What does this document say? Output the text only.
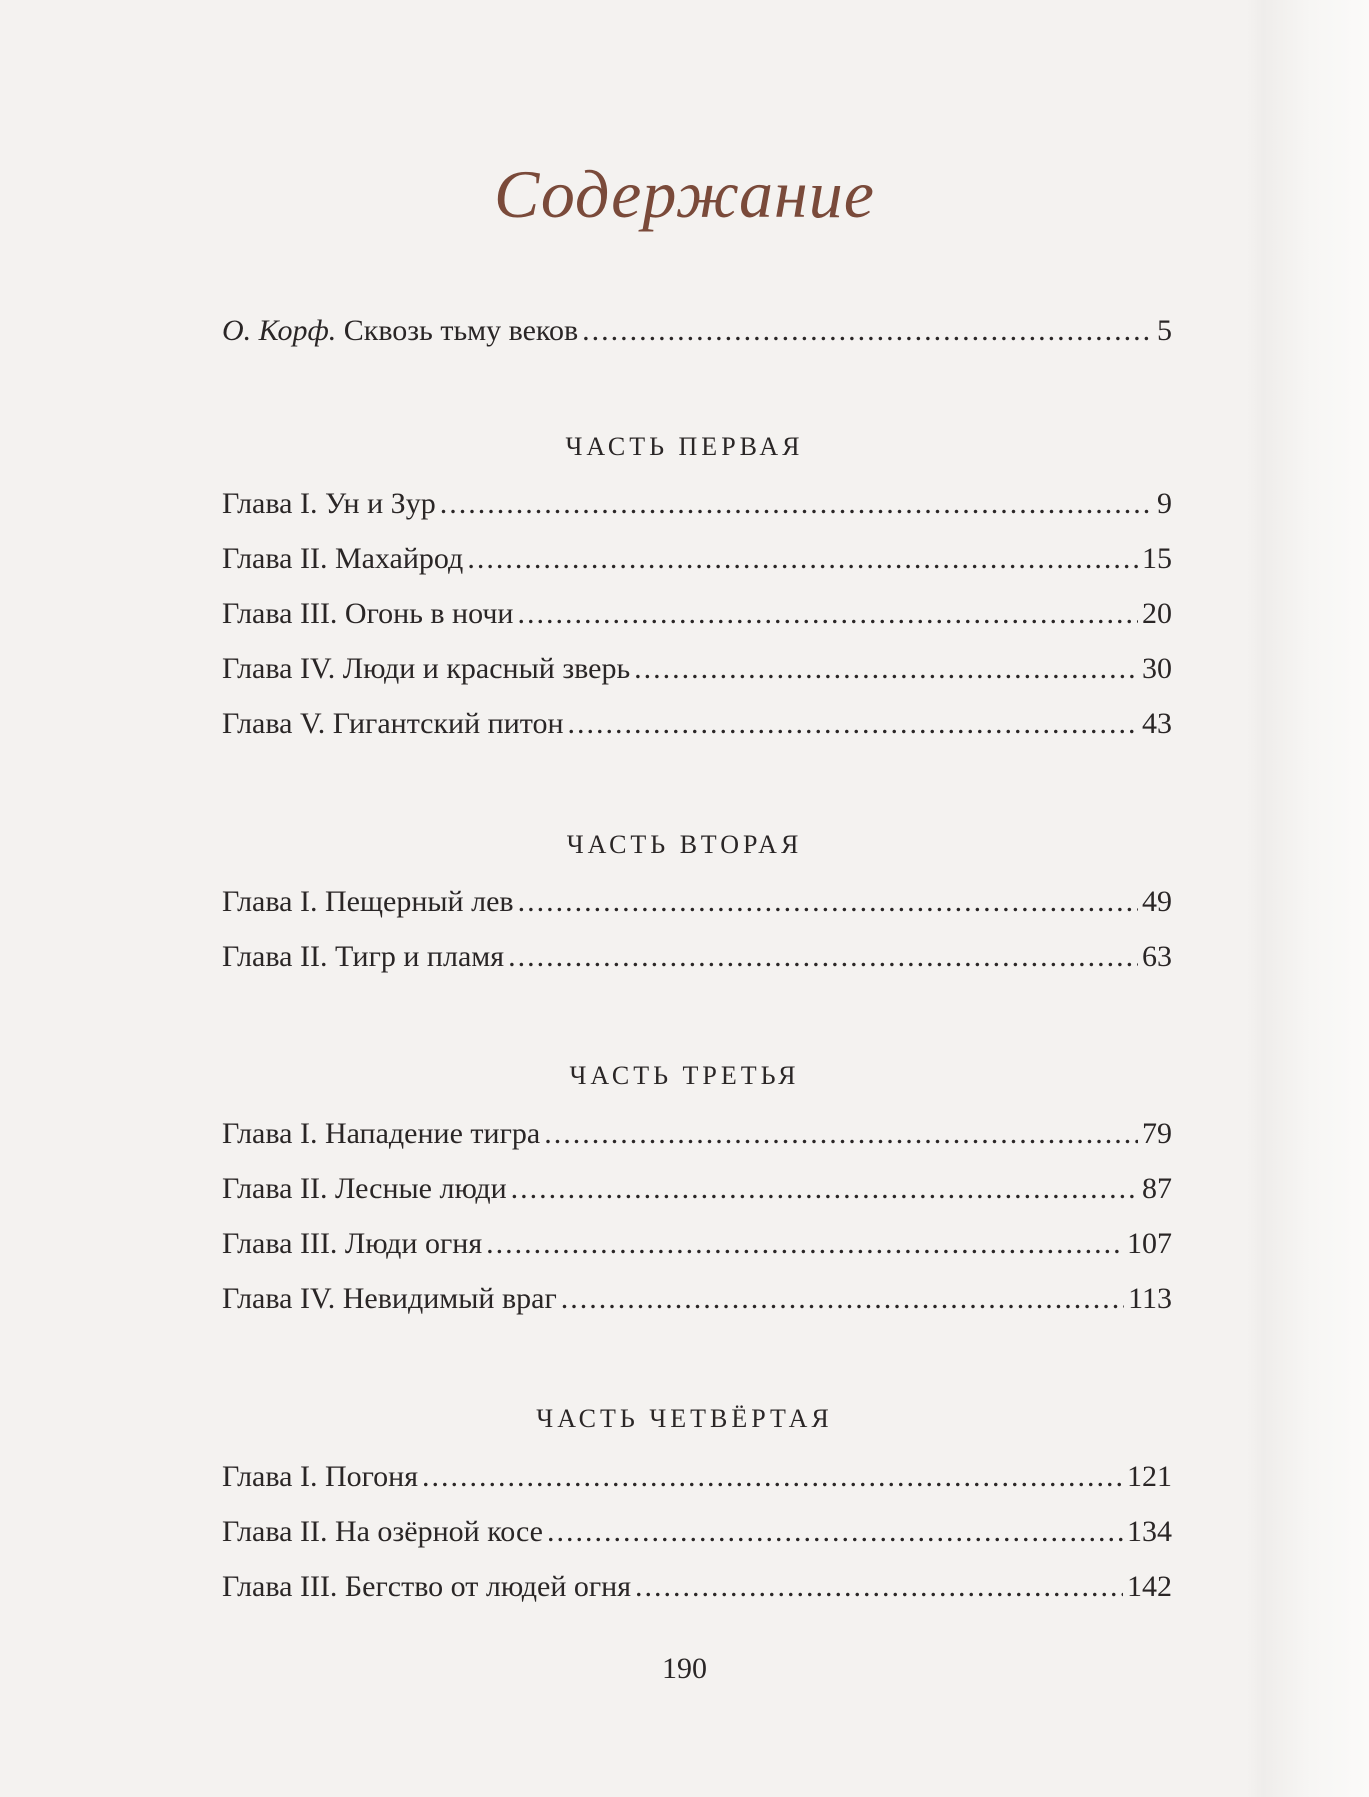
Содержание
О. Корф. Сквозь тьму веков .....	5
Глава I. Ун и Зур .....	9
Глава II. Махайрод .....	15
Глава III. Огонь в ночи .....	20
Глава IV. Люди и красный зверь .....	30
Глава V. Гигантский питон .....	43
Глава I. Пещерный лев .....	49
Глава II. Тигр и пламя .....	63
Глава I. Нападение тигра .....	79
Глава II. Лесные люди .....	87
Глава III. Люди огня .....	107
Глава IV. Невидимый враг .....	113
Глава I. Погоня .....	121
Глава II. На озёрной косе .....	134
Глава III. Бегство от людей огня .....	142
ЧАСТЬ ПЕРВАЯ
ЧАСТЬ ВТОРАЯ
ЧАСТЬ ТРЕТЬЯ
ЧАСТЬ ЧЕТВЁРТАЯ
190
